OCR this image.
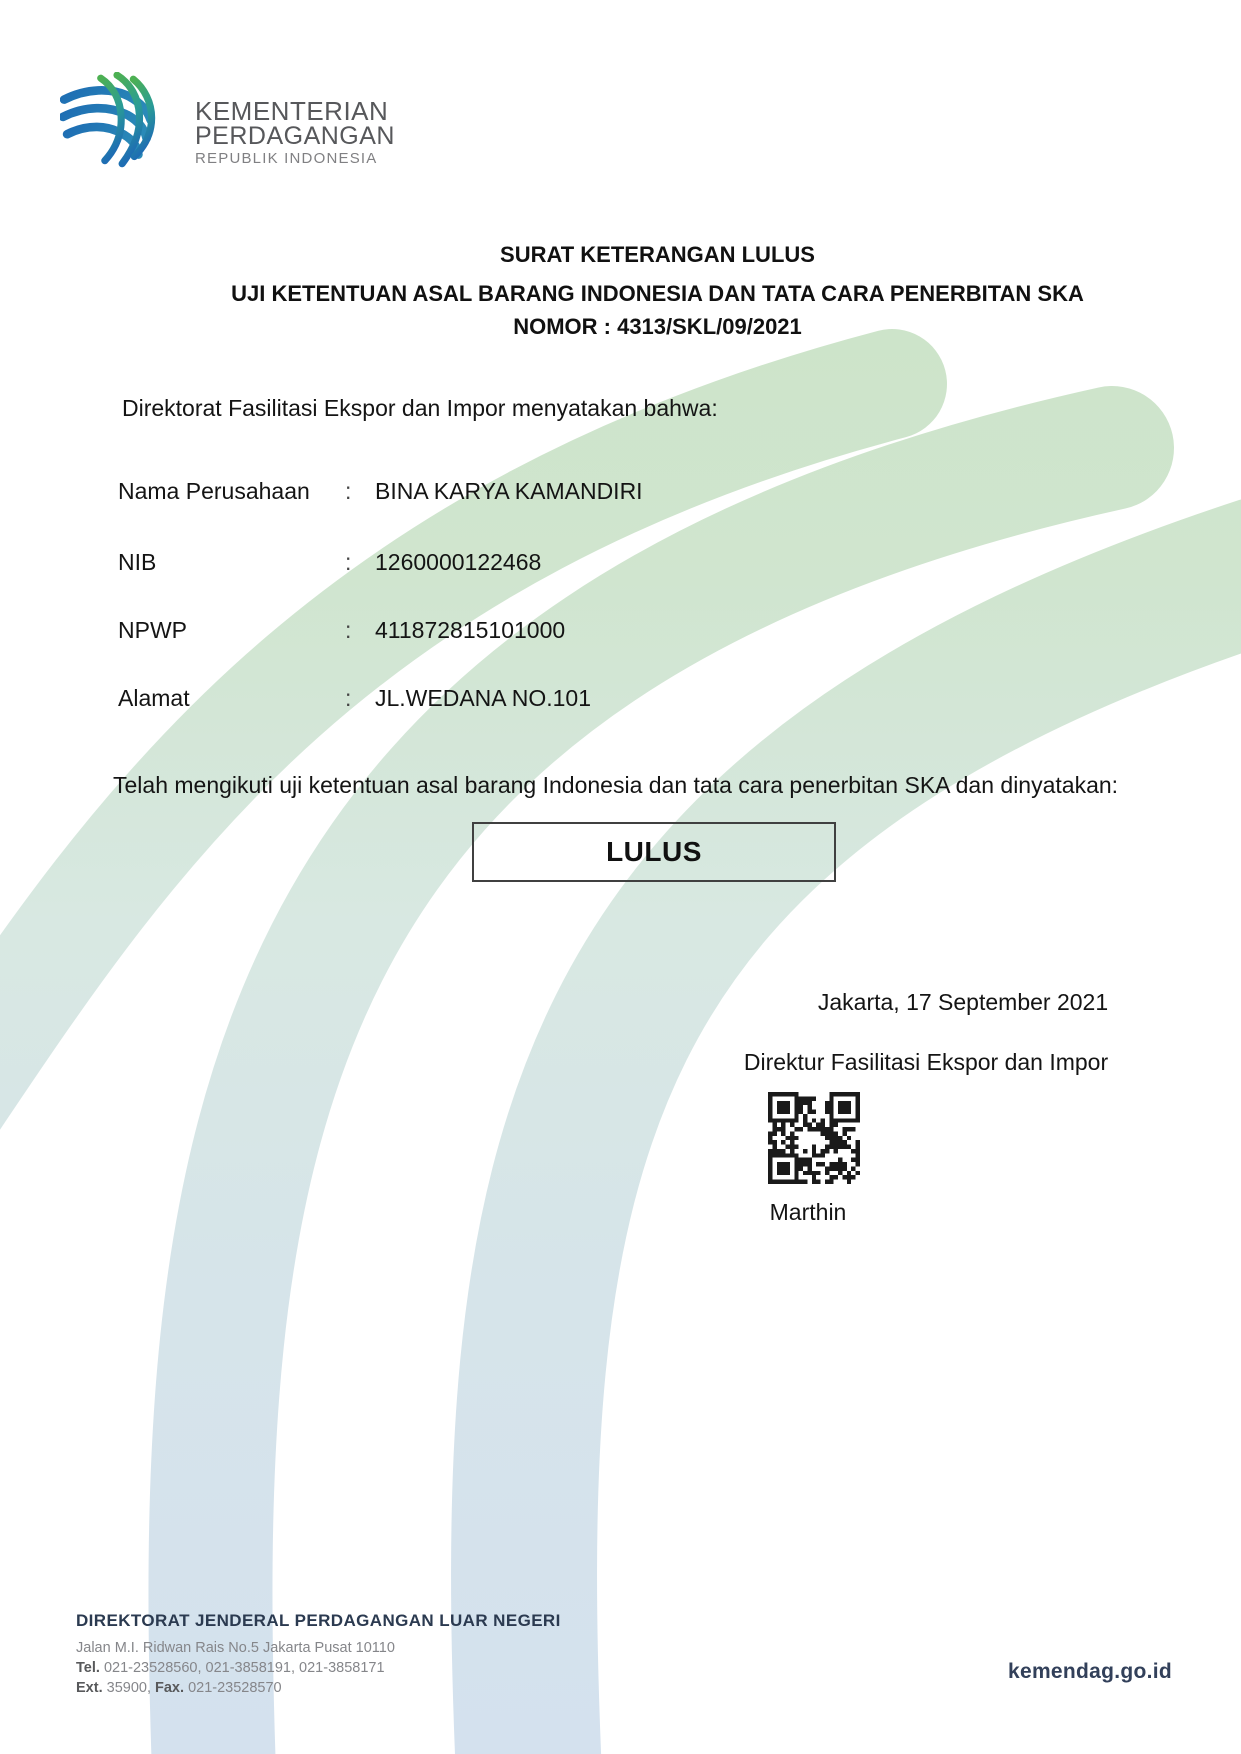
KEMENTERIAN
PERDAGANGAN
REPUBLIK INDONESIA
SURAT KETERANGAN LULUS
UJI KETENTUAN ASAL BARANG INDONESIA DAN TATA CARA PENERBITAN SKA
NOMOR : 4313/SKL/09/2021
Direktorat Fasilitasi Ekspor dan Impor menyatakan bahwa:
Nama Perusahaan : BINA KARYA KAMANDIRI
NIB	: 1260000122468
NPWP	: 411872815101000
Alamat	: JL.WEDANA NO.101
Telah mengikuti uji ketentuan asal barang Indonesia dan tata cara penerbitan SKA dan dinyatakan:
LULUS
Jakarta, 17 September 2021
Direktur Fasilitasi Ekspor dan Impor
Marthin
DIREKTORAT JENDERAL PERDAGANGAN LUAR NEGERI
Jalan M.I. Ridwan Rais No.5 Jakarta Pusat 10110
Tel. 021-23528560, 021-3858191, 021-3858171
Ext. 35900, Fax. 021-23528570
kemendag.go.id
